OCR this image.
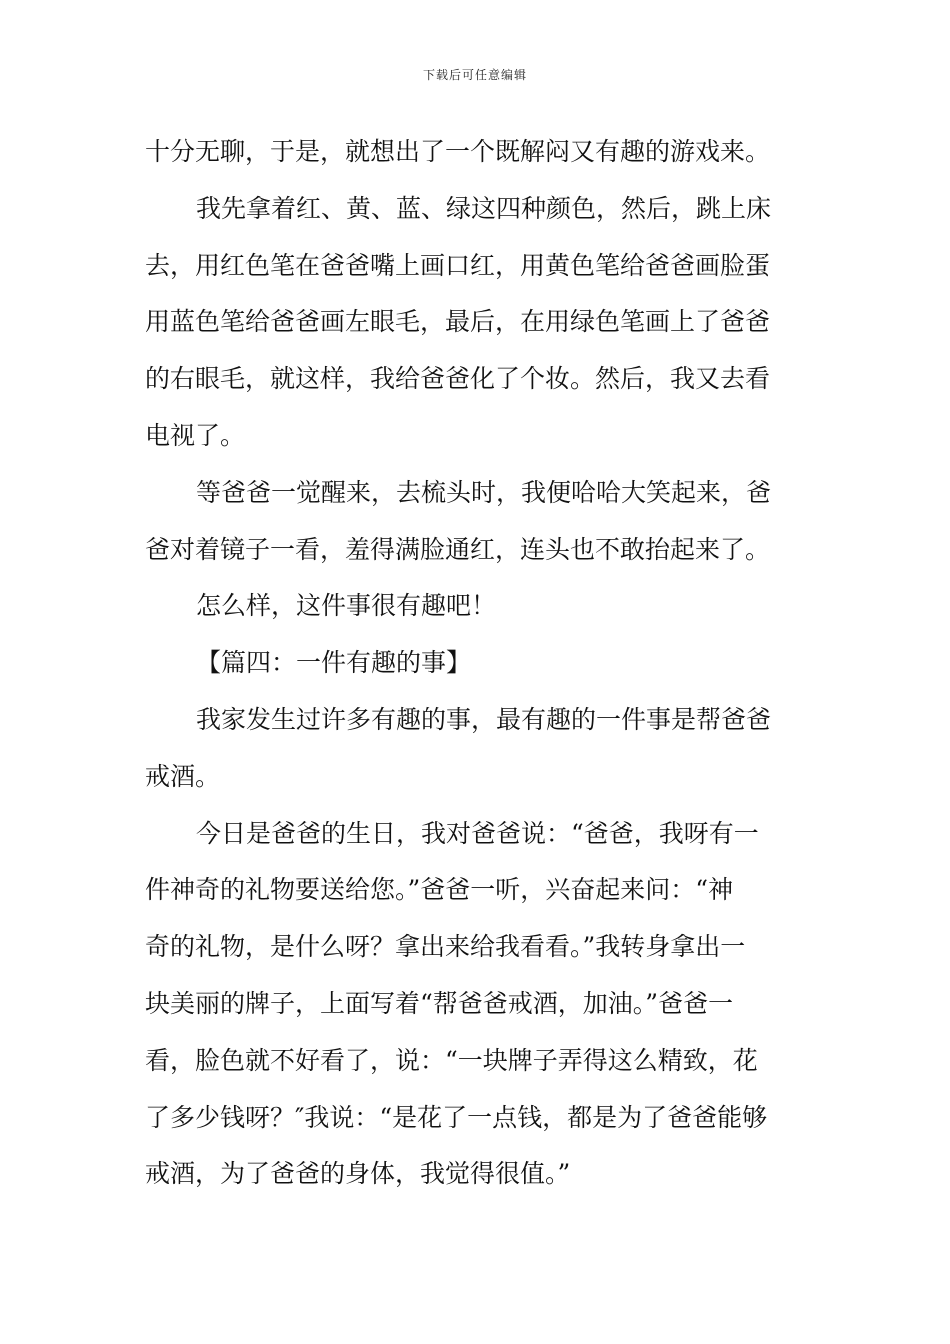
下载后可任意编辑
十分无聊，于是，就想出了一个既解闷又有趣的游戏来。
我先拿着红、黄、蓝、绿这四种颜色，然后，跳上床
去，用红色笔在爸爸嘴上画口红，用黄色笔给爸爸画脸蛋
用蓝色笔给爸爸画左眼毛，最后，在用绿色笔画上了爸爸
的右眼毛，就这样，我给爸爸化了个妆。然后，我又去看
电视了。
等爸爸一觉醒来，去梳头时，我便哈哈大笑起来，爸
爸对着镜子一看，羞得满脸通红，连头也不敢抬起来了。
怎么样，这件事很有趣吧！
【篇四：一件有趣的事】
我家发生过许多有趣的事，最有趣的一件事是帮爸爸
戒酒。
今日是爸爸的生日，我对爸爸说：“爸爸，我呀有一
件神奇的礼物要送给您。”爸爸一听，兴奋起来问：“神
奇的礼物，是什么呀？拿出来给我看看。”我转身拿出一
块美丽的牌子，上面写着“帮爸爸戒酒，加油。”爸爸一
看，脸色就不好看了，说：“一块牌子弄得这么精致，花
了多少钱呀？″我说：“是花了一点钱，都是为了爸爸能够
戒酒，为了爸爸的身体，我觉得很值。”
